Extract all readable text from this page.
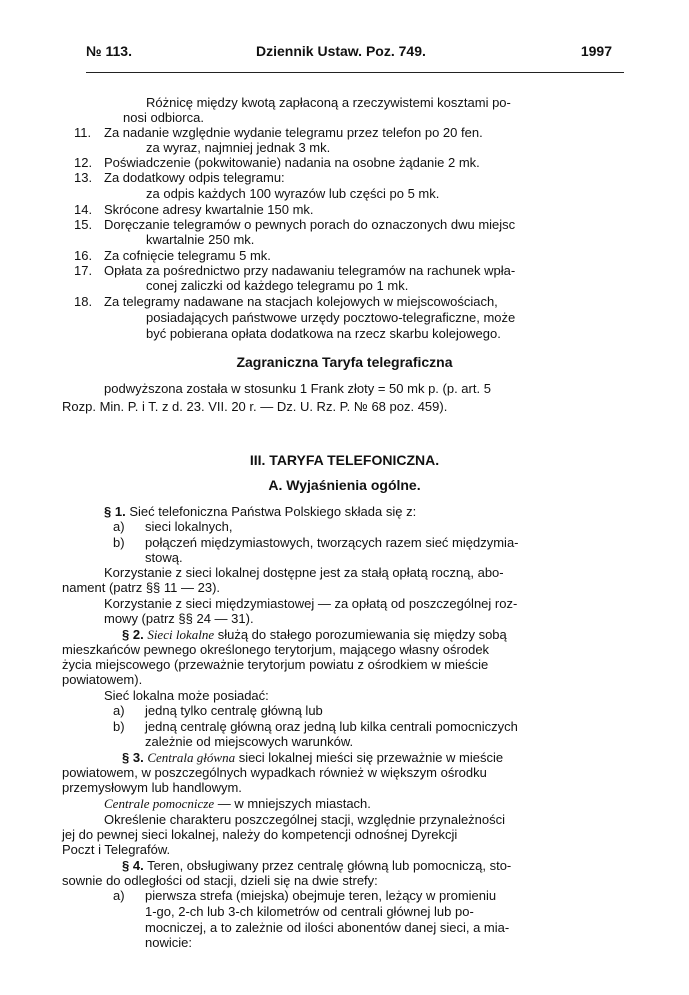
№ 113.	Dziennik Ustaw. Poz. 749.	1997
Różnicę między kwotą zapłaconą a rzeczywistemi kosztami po-
nosi odbiorca.
11. Za nadanie względnie wydanie telegramu przez telefon po 20 fen.
za wyraz, najmniej jednak 3 mk.
12. Poświadczenie (pokwitowanie) nadania na osobne żądanie 2 mk.
13. Za dodatkowy odpis telegramu:
za odpis każdych 100 wyrazów lub części po 5 mk.
14. Skrócone adresy kwartalnie 150 mk.
15. Doręczanie telegramów o pewnych porach do oznaczonych dwu miejsc
kwartalnie 250 mk.
16. Za cofnięcie telegramu 5 mk.
17. Opłata za pośrednictwo przy nadawaniu telegramów na rachunek wpła-
conej zaliczki od każdego telegramu po 1 mk.
18. Za telegramy nadawane na stacjach kolejowych w miejscowościach,
posiadających państwowe urzędy pocztowo-telegraficzne, może
być pobierana opłata dodatkowa na rzecz skarbu kolejowego.
Zagraniczna Taryfa telegraficzna
podwyższona została w stosunku 1 Frank złoty = 50 mk p. (p. art. 5
Rozp. Min. P. i T. z d. 23. VII. 20 r. — Dz. U. Rz. P. № 68 poz. 459).
III. TARYFA TELEFONICZNA.
A. Wyjaśnienia ogólne.
§ 1. Sieć telefoniczna Państwa Polskiego składa się z:
a) sieci lokalnych,
b) połączeń międzymiastowych, tworzących razem sieć międzymia-
stową.
Korzystanie z sieci lokalnej dostępne jest za stałą opłatą roczną, abo-
nament (patrz §§ 11 — 23).
Korzystanie z sieci międzymiastowej — za opłatą od poszczególnej roz-
mowy (patrz §§ 24 — 31).
§ 2. Sieci lokalne służą do stałego porozumiewania się między sobą
mieszkańców pewnego określonego terytorjum, mającego własny ośrodek
życia miejscowego (przeważnie terytorjum powiatu z ośrodkiem w mieście
powiatowem).
Sieć lokalna może posiadać:
a) jedną tylko centralę główną lub
b) jedną centralę główną oraz jedną lub kilka centrali pomocniczych
zależnie od miejscowych warunków.
§ 3. Centrala główna sieci lokalnej mieści się przeważnie w mieście
powiatowem, w poszczególnych wypadkach również w większym ośrodku
przemysłowym lub handlowym.
Centrale pomocnicze — w mniejszych miastach.
Określenie charakteru poszczególnej stacji, względnie przynależności
jej do pewnej sieci lokalnej, należy do kompetencji odnośnej Dyrekcji
Poczt i Telegrafów.
§ 4. Teren, obsługiwany przez centralę główną lub pomocniczą, sto-
sownie do odległości od stacji, dzieli się na dwie strefy:
a) pierwsza strefa (miejska) obejmuje teren, leżący w promieniu
1-go, 2-ch lub 3-ch kilometrów od centrali głównej lub po-
mocniczej, a to zależnie od ilości abonentów danej sieci, a mia-
nowicie:
